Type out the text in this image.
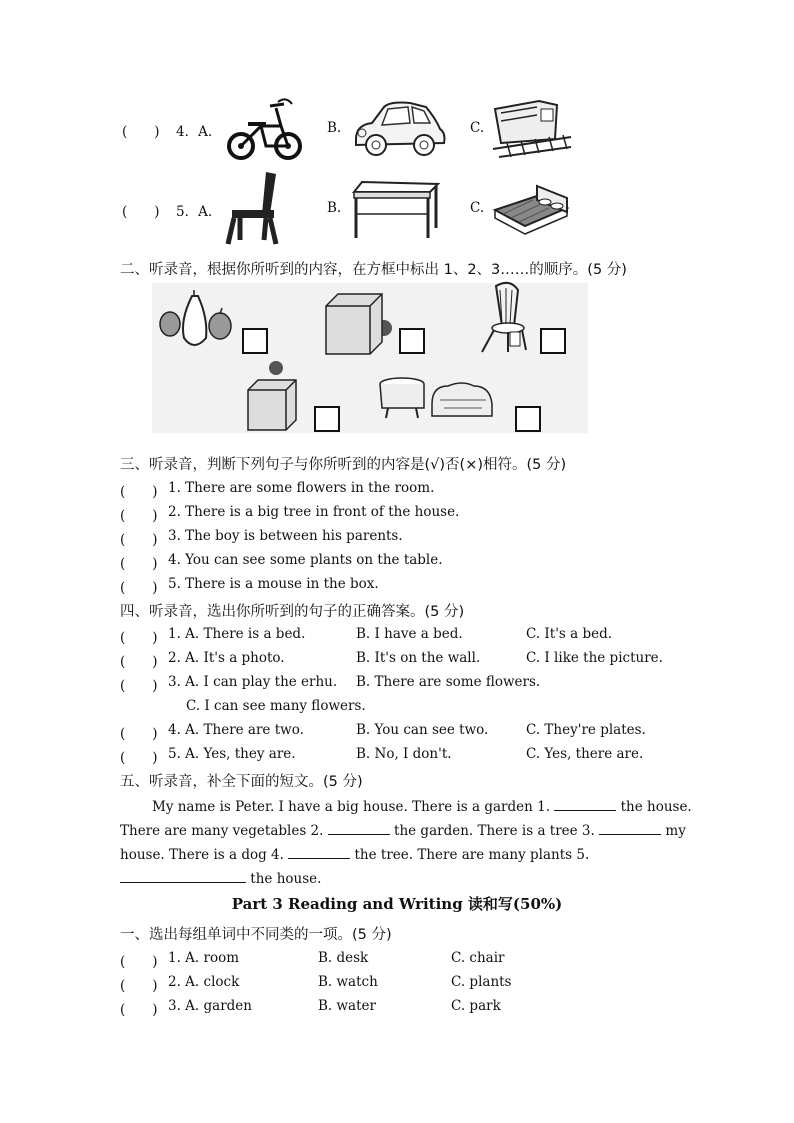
(　　) 4．A.	B.	C.
(　　) 5．A.	B.	C.
二、听录音，根据你所听到的内容，在方框中标出 1、2、3……的顺序。(5 分)
三、听录音，判断下列句子与你所听到的内容是(√)否(×)相符。(5 分)
(　　) 1. There are some flowers in the room.
(　　) 2. There is a big tree in front of the house.
(　　) 3. The boy is between his parents.
(　　) 4. You can see some plants on the table.
(　　) 5. There is a mouse in the box.
四、听录音，选出你所听到的句子的正确答案。(5 分)
(　　) 1. A. There is a bed.	B. I have a bed.	C. It's a bed.
(　　) 2. A. It's a photo.	B. It's on the wall.	C. I like the picture.
(　　) 3. A. I can play the erhu. B. There are some flowers.
C. I can see many flowers.
(　　) 4. A. There are two.	B. You can see two.	C. They're plates.
(　　) 5. A. Yes, they are.	B. No, I don't.	C. Yes, there are.
五、听录音，补全下面的短文。(5 分)
My name is Peter. I have a big house. There is a garden 1.	the house.
There are many vegetables 2.	the garden. There is a tree 3.	my
house. There is a dog 4.	the tree. There are many plants 5.
the house.
Part 3 Reading and Writing 读和写(50%)
一、选出每组单词中不同类的一项。(5 分)
(　　) 1. A. room	B. desk	C. chair
(　　) 2. A. clock	B. watch	C. plants
(　　) 3. A. garden	B. water	C. park
